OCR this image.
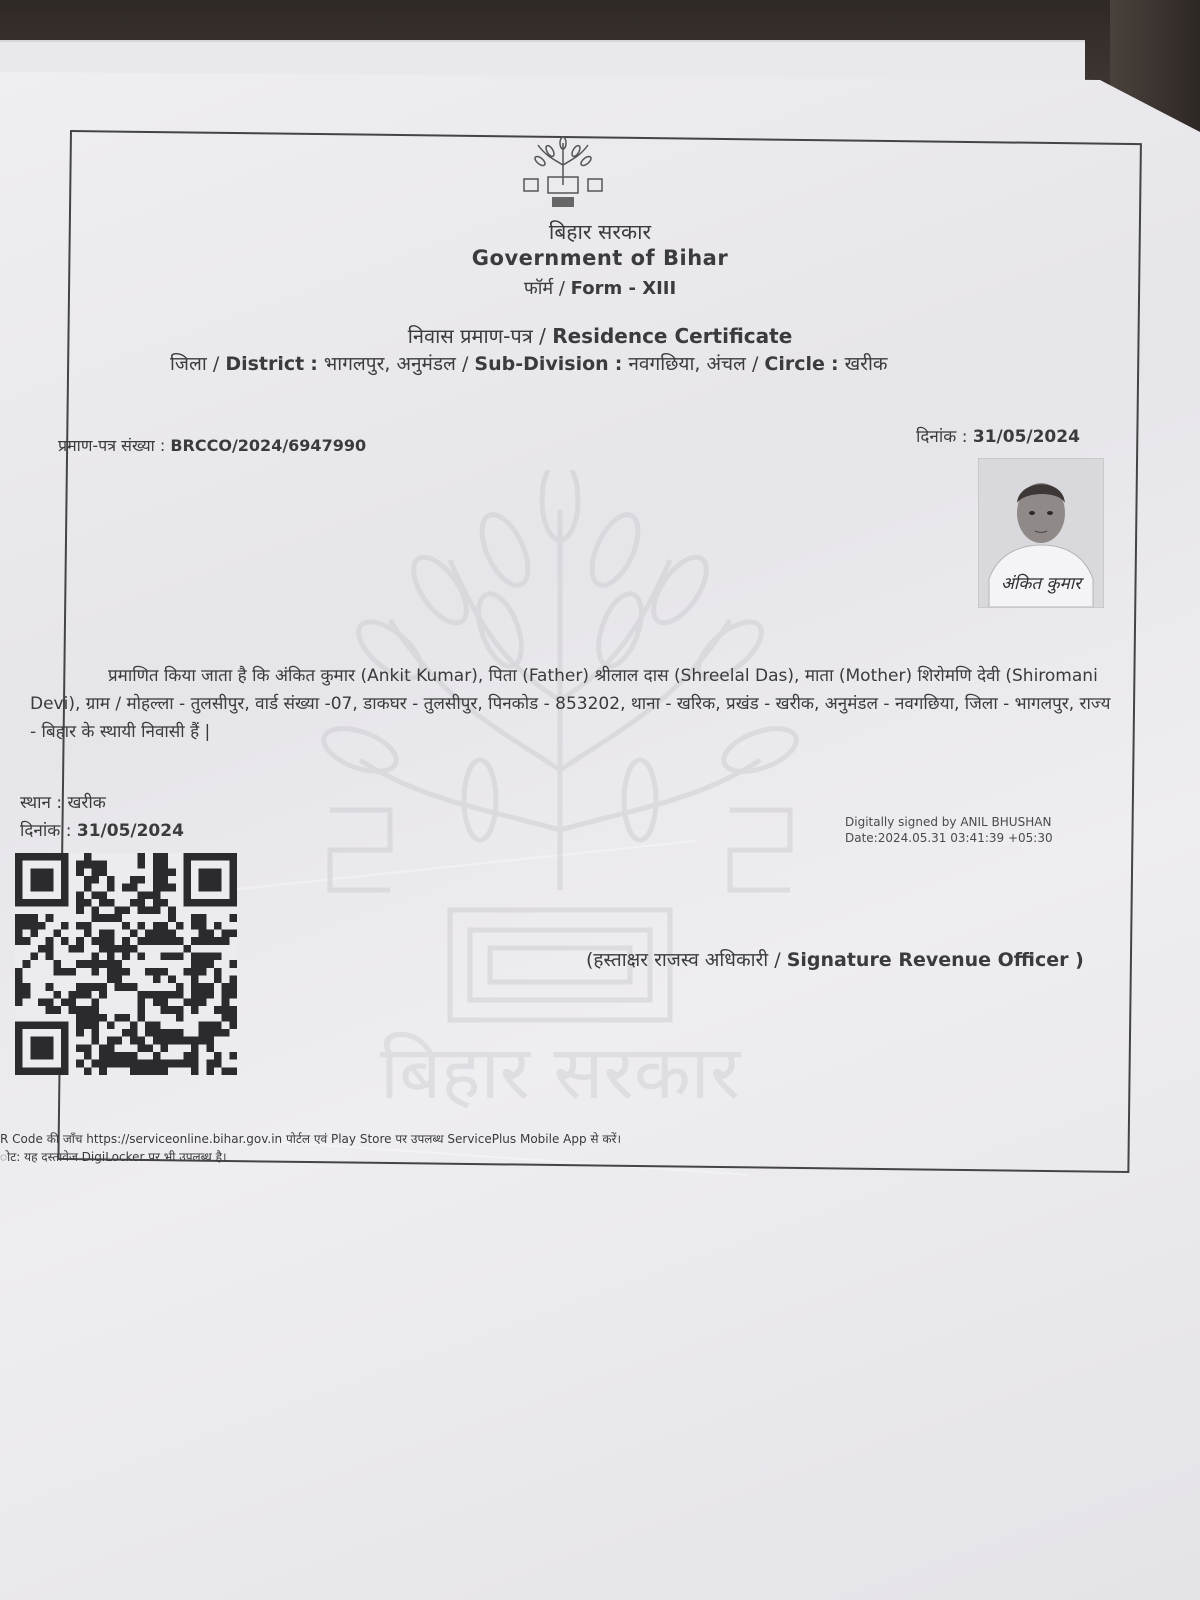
बिहार सरकार
बिहार सरकार
Government of Bihar
फॉर्म / Form - XIII
निवास प्रमाण-पत्र / Residence Certificate
जिला / District : भागलपुर, अनुमंडल / Sub-Division : नवगछिया, अंचल / Circle : खरीक
प्रमाण-पत्र संख्या : BRCCO/2024/6947990	दिनांक : 31/05/2024
अंकित कुमार
प्रमाणित किया जाता है कि अंकित कुमार (Ankit Kumar), पिता (Father) श्रीलाल दास (Shreelal Das), माता (Mother) शिरोमणि देवी (Shiromani Devi), ग्राम / मोहल्ला - तुलसीपुर, वार्ड संख्या -07, डाकघर - तुलसीपुर, पिनकोड - 853202, थाना - खरिक, प्रखंड - खरीक, अनुमंडल - नवगछिया, जिला - भागलपुर, राज्य - बिहार के स्थायी निवासी हैं |
स्थान : खरीक
दिनांक : 31/05/2024	Digitally signed by ANIL BHUSHAN
Date:2024.05.31 03:41:39 +05:30
(हस्ताक्षर राजस्व अधिकारी / Signature Revenue Officer )
R Code की जाँच https://serviceonline.bihar.gov.in पोर्टल एवं Play Store पर उपलब्ध ServicePlus Mobile App से करें।
ोट: यह दस्तावेज DigiLocker पर भी उपलब्ध है।
